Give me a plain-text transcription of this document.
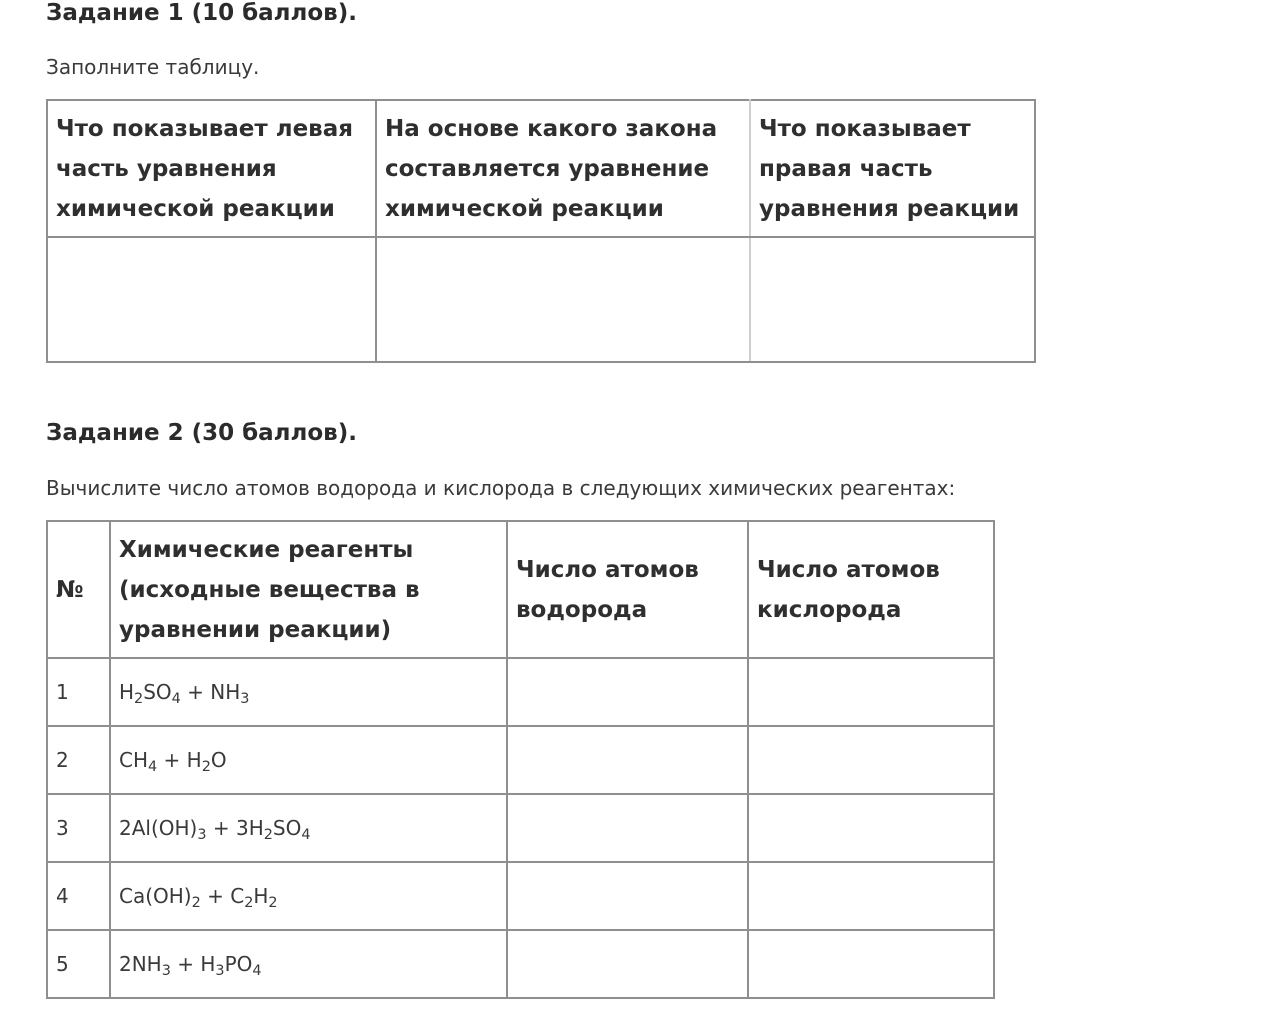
Задание 1 (10 баллов).

Заполните таблицу.

Что показывает левая часть уравнения химической реакции	На основе какого закона составляется уравнение химической реакции	Что показывает правая часть уравнения реакции

Задание 2 (30 баллов).

Вычислите число атомов водорода и кислорода в следующих химических реагентах:

№	Химические реагенты (исходные вещества в уравнении реакции)	Число атомов водорода	Число атомов кислорода
1	$H_2SO_4 + NH_3$		
2	$CH_4 + H_2O$		
3	$2Al(OH)_3 + 3H_2SO_4$		
4	$Ca(OH)_2 + C_2H_2$		
5	$2NH_3 + H_3PO_4$		
